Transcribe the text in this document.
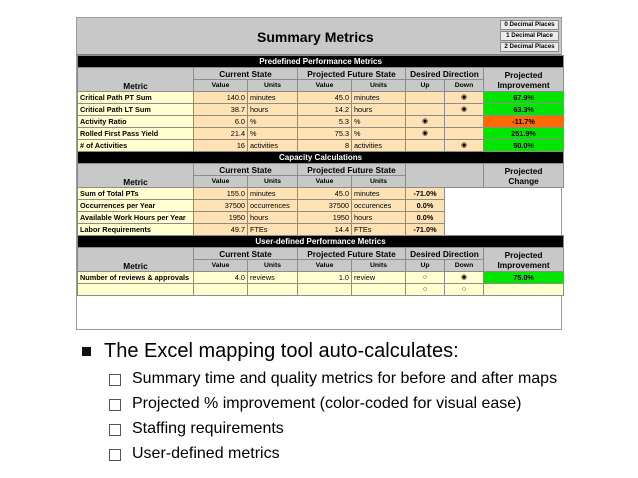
Summary Metrics
0 Decimal Places
1 Decimal Place
2 Decimal Places
Predefined Performance Metrics							
Metric	Current State		Projected Future State		Desired Direction		Projected
Improvement

	Value	Units	Value	Units	Up	Down	
Critical Path PT Sum	140.0	minutes	45.0	minutes		◉	67.9%
Critical Path LT Sum	38.7	hours	14.2	hours		◉	63.3%
Activity Ratio	6.0	%	5.3	%	◉		-11.7%
Rolled First Pass Yield	21.4	%	75.3	%	◉		251.9%
# of Activities	16	activities	8	activities		◉	50.0%
Capacity Calculations							
Metric	Current State		Projected Future State				Projected
Change

	Value	Units	Value	Units			
Sum of Total PTs	155.0	minutes	45.0	minutes	-71.0%		
Occurrences per Year	37500	occurrences	37500	occurences	0.0%		
Available Work Hours per Year	1950	hours	1950	hours	0.0%		
Labor Requirements	49.7	FTEs	14.4	FTEs	-71.0%		
User-defined Performance Metrics							
Metric	Current State		Projected Future State		Desired Direction		Projected
Improvement

	Value	Units	Value	Units	Up	Down	
Number of reviews & approvals	4.0	reviews	1.0	review	○	◉	75.0%
					○	○	
The Excel mapping tool auto-calculates:
Summary time and quality metrics for before and after maps
Projected % improvement (color-coded for visual ease)
Staffing requirements
User-defined metrics
